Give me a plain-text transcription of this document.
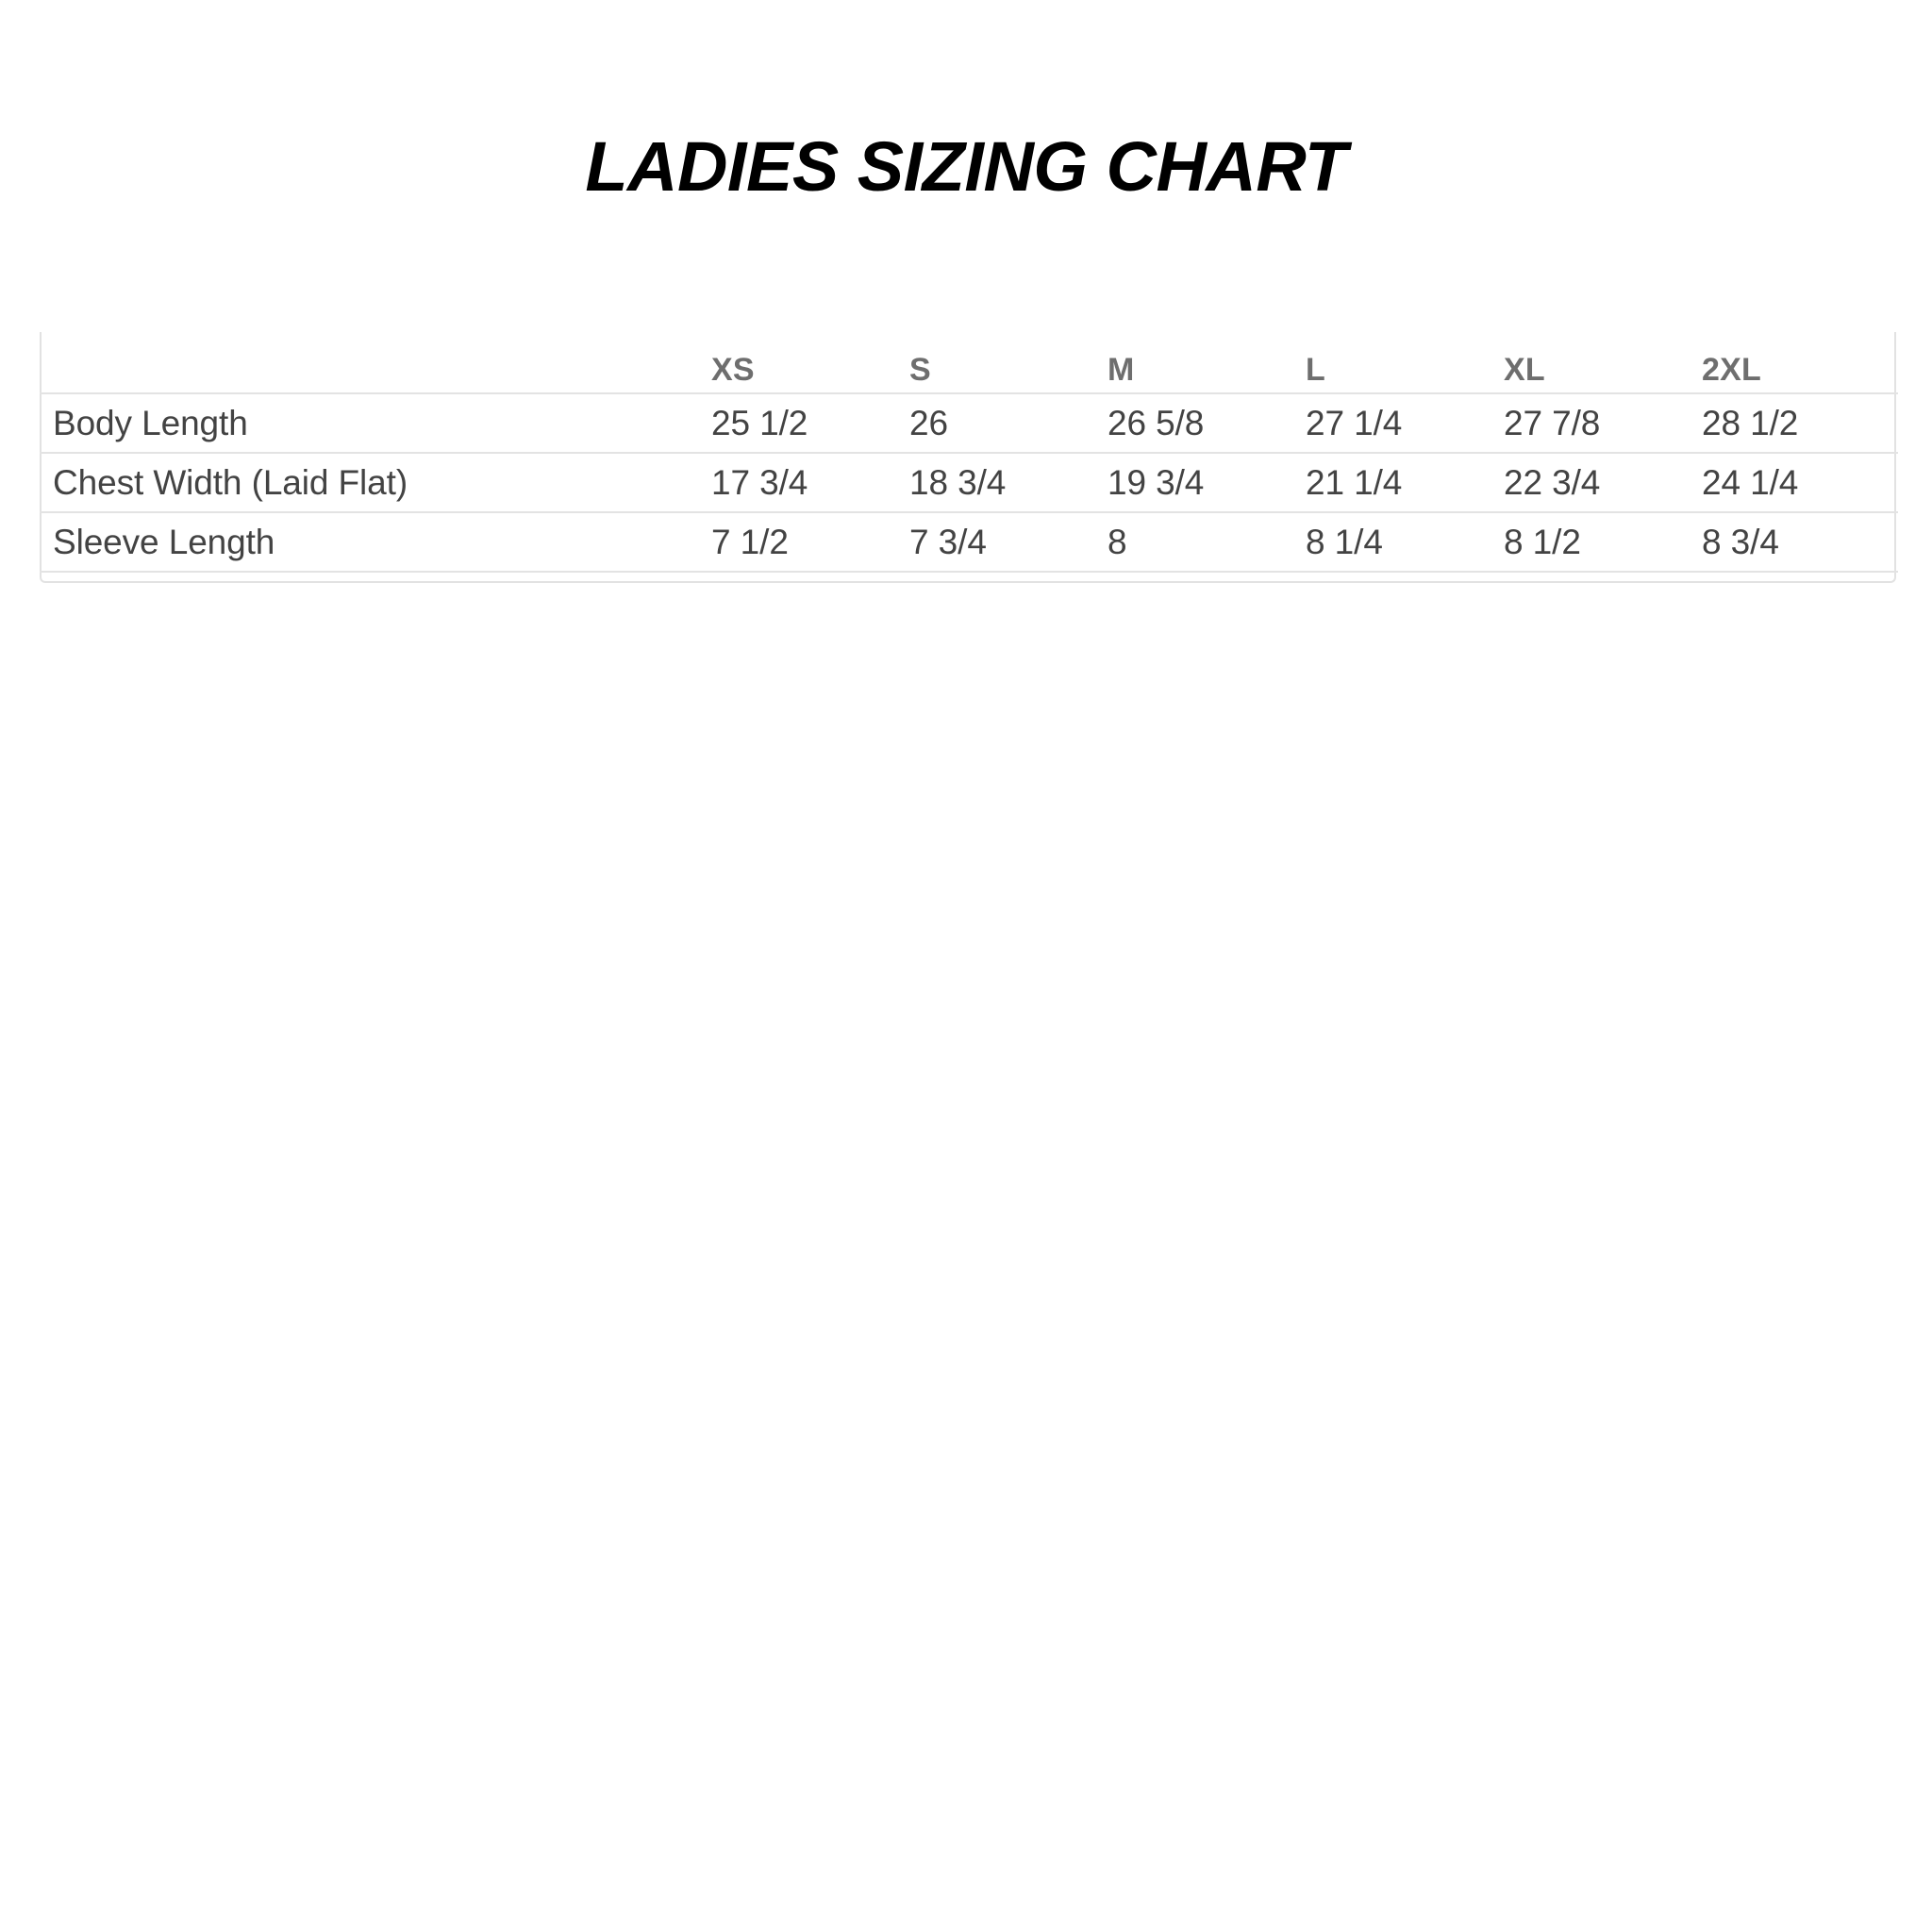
LADIES SIZING CHART
	XS	S	M	L	XL	2XL
Body Length	25 1/2	26	26 5/8	27 1/4	27 7/8	28 1/2
Chest Width (Laid Flat)	17 3/4	18 3/4	19 3/4	21 1/4	22 3/4	24 1/4
Sleeve Length	7 1/2	7 3/4	8	8 1/4	8 1/2	8 3/4
